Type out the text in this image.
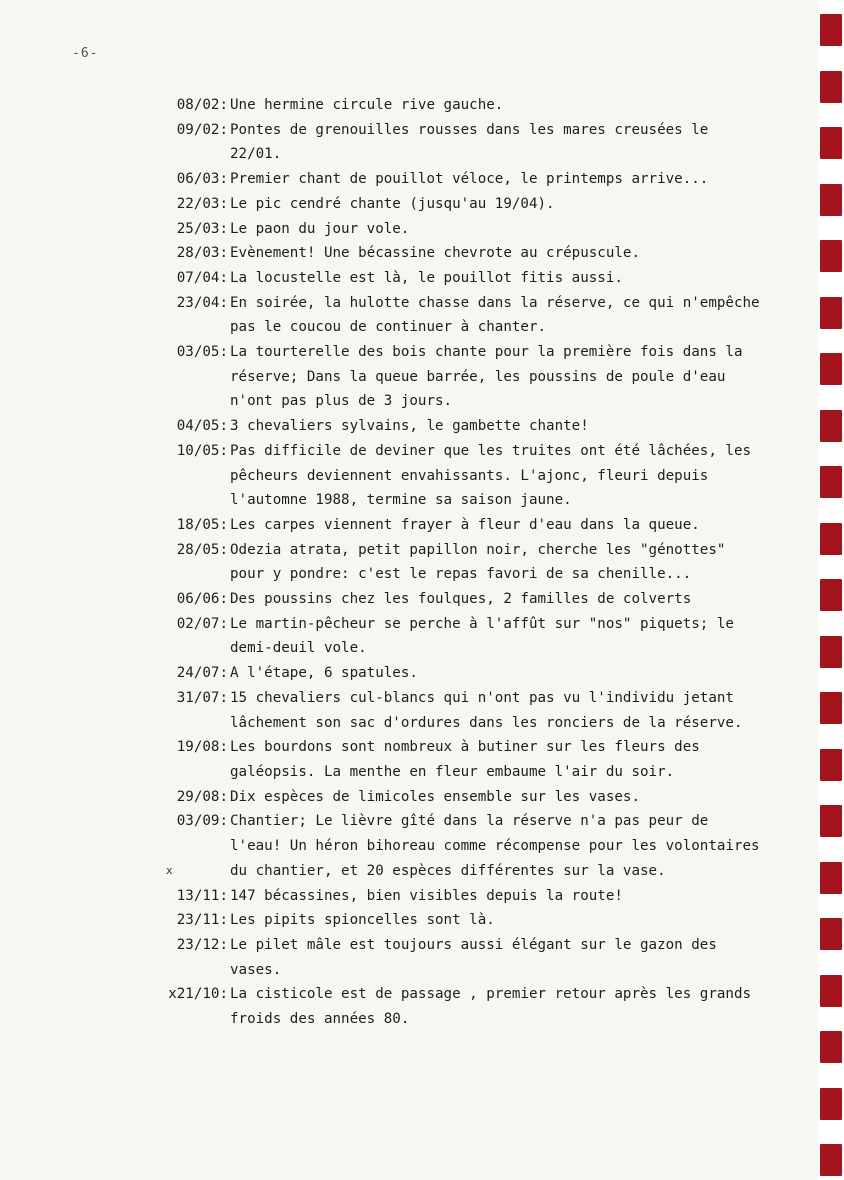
-6-
08/02: Une hermine circule rive gauche.
09/02: Pontes de grenouilles rousses dans les mares creusées le 22/01.
06/03: Premier chant de pouillot véloce, le printemps arrive...
22/03: Le pic cendré chante (jusqu'au 19/04).
25/03: Le paon du jour vole.
28/03: Evènement! Une bécassine chevrote au crépuscule.
07/04: La locustelle est là, le pouillot fitis aussi.
23/04: En soirée, la hulotte chasse dans la réserve, ce qui n'empêche pas le coucou de continuer à chanter.
03/05: La tourterelle des bois chante pour la première fois dans la réserve; Dans la queue barrée, les poussins de poule d'eau n'ont pas plus de 3 jours.
04/05: 3 chevaliers sylvains, le gambette chante!
10/05: Pas difficile de deviner que les truites ont été lâchées, les pêcheurs deviennent envahissants. L'ajonc, fleuri depuis l'automne 1988, termine sa saison jaune.
18/05: Les carpes viennent frayer à fleur d'eau dans la queue.
28/05: Odezia atrata, petit papillon noir, cherche les "génottes" pour y pondre: c'est le repas favori de sa chenille...
06/06: Des poussins chez les foulques, 2 familles de colverts
02/07: Le martin-pêcheur se perche à l'affût sur "nos" piquets; le demi-deuil vole.
24/07: A l'étape, 6 spatules.
31/07: 15 chevaliers cul-blancs qui n'ont pas vu l'individu jetant lâchement son sac d'ordures dans les ronciers de la réserve.
19/08: Les bourdons sont nombreux à butiner sur les fleurs des galéopsis. La menthe en fleur embaume l'air du soir.
29/08: Dix espèces de limicoles ensemble sur les vases.
03/09: Chantier; Le lièvre gîté dans la réserve n'a pas peur de l'eau! Un héron bihoreau comme récompense pour les volontaires du chantier, et 20 espèces différentes sur la vase.
x
13/11: 147 bécassines, bien visibles depuis la route!
23/11: Les pipits spioncelles sont là.
23/12: Le pilet mâle est toujours aussi élégant sur le gazon des vases.
x21/10: La cisticole est de passage , premier retour après les grands froids des années 80.
